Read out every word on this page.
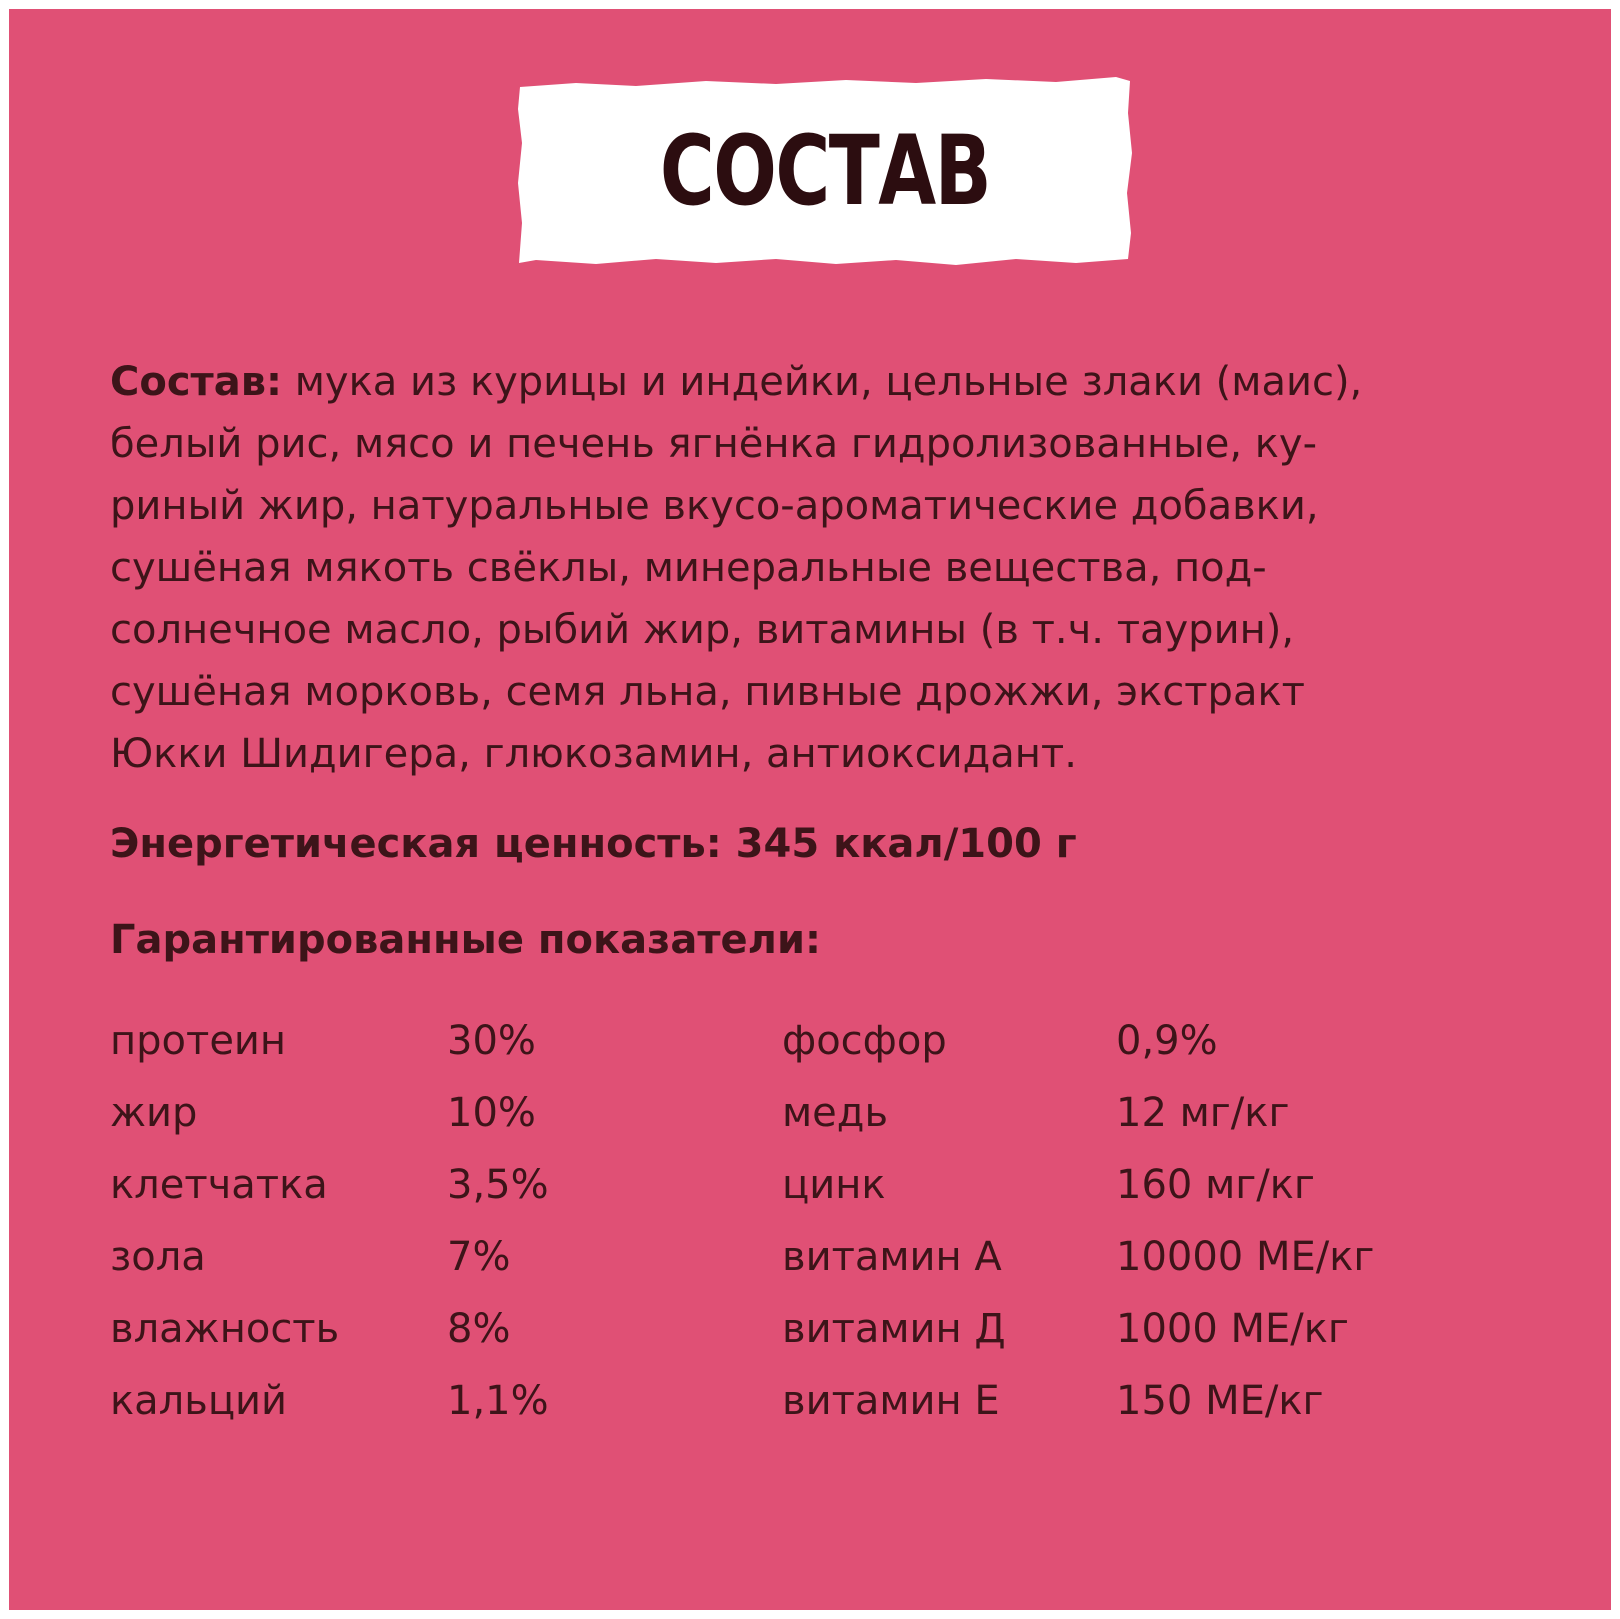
СОСТАВ
Состав: мука из курицы и индейки, цельные злаки (маис),
белый рис, мясо и печень ягнёнка гидролизованные, ку-
риный жир, натуральные вкусо-ароматические добавки,
сушёная мякоть свёклы, минеральные вещества, под-
солнечное масло, рыбий жир, витамины (в т.ч. таурин),
сушёная морковь, семя льна, пивные дрожжи, экстракт
Юкки Шидигера, глюкозамин, антиоксидант.
Энергетическая ценность: 345 ккал/100 г
Гарантированные показатели:
протеин	30%	фосфор	0,9%
жир	10%	медь	12 мг/кг
клетчатка	3,5%	цинк	160 мг/кг
зола	7%	витамин А	10000 МЕ/кг
влажность	8%	витамин Д	1000 МЕ/кг
кальций	1,1%	витамин Е	150 МЕ/кг
